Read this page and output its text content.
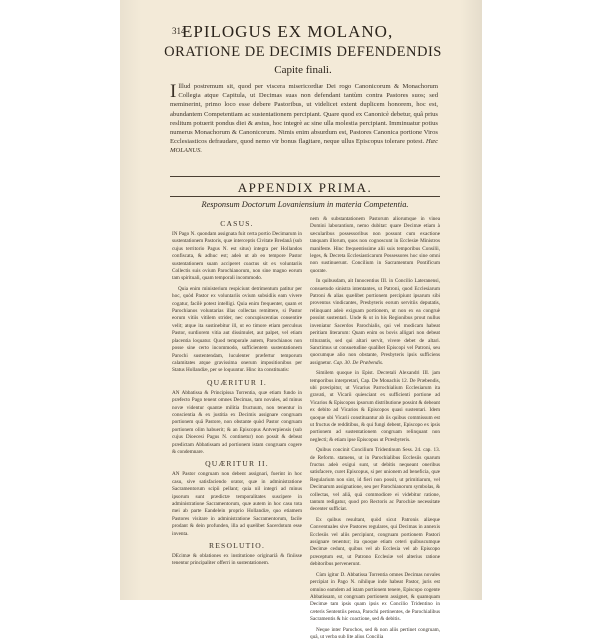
314
EPILOGUS EX MOLANO,
ORATIONE DE DECIMIS DEFENDENDIS
Capite finali.

Illlud postremum sit, quod per viscera misericordiæ Dei rogo Canonicorum & Monachorum Collegia atque Capitula, ut Decimas suas non defendant tantùm contra Pastores suos; sed meminerint, primo loco esse debere Pastoribus, ut videlicet extent duplicem honorem, hoc est, abundantem Competentiam ac sustentationem percipiant. Quare quod ex Canonicè debetur, quâ prius reslitum potuerit pondus diei & æstus, hoc integrè ac sine ulla molestia percipiant. Imminuatur potius numerus Monachorum & Canonicorum. Nimis enim absurdum est, Pastores Canonica portione Viros Ecclesiasticos defraudare, quod nemo vir bonus flagitare, neque ullus Episcopus tolerare potest. Hæc MOLANUS.

APPENDIX PRIMA.
Responsum Doctorum Lovaniensium in materia Competentia.
CASUS.

IN Pago N. quondam assignata fuit certa portio Decimarum in sustentationem Pastoris, quæ interceptis Civitate Bredanâ (sub cujus territorio Pagus N. est situs) integra per Hollandos confiscata, & adhuc est; adeò ut ab eo tempore Pastor sustentationem suam acciperet coactus sit ex voluntariis Collectis suis ovium Parochianorum, non sine magno eorum tam spirituali, quam temporali incommodo.

Quia enim ministerium respiciunt detrimentum patitur per hoc, quòd Pastor ex voluntariis ovium subsidiis eam vivere cogatur, facilè potest intelligi. Quia enim frequenter, quam et Parochianos voluntarias illas collectas remittere, si Pastor eorum vitiis vitilem strider, nec concupiscentias consentire velit; atque ita sustinebitur ill, ut eo timore etiam perculsus Pastor, surdiorem vitia aut dissimulet, aut palpet, vel etiam placentia loquatur. Quod temporale autem, Parochianos non posse sine certo incommodo, sufficientem sustentationem Parochi sustentendam, luculenter præfertur temporum calamitates atque gravissima onerum impositionibus per Status Hollandiæ, per se loquuntur. Hinc ita constituatis:

QUÆRITUR I.

AN Abbatissa & Principissa Torrentia, quæ etiam fundo in præfecto Pago tenent omnes Decimas, tam novales, ad minus novæ videntur quantæ militia fructuum, non tenentur in conscientia & ex justitia ex Decimis assignare congruam portionem quā Pastore, non obstante quòd Pastor congruam portionem olim habuerit; & an Episcopus Antverpiensis (sub cujus Dioecesi Pagus N. continetur) non possit & debeat prædictam Abbatissam ad portionem istam congruam cogere & condemnare.

QUÆRITUR II.

AN Pastor congruam non debent assignari, fuerint in hoc casu, sive satisfaciendo orator, quæ in administratione Sacramentorum scipii pellant; quia nil integri ad minus ipsorum sunt prædictæ temporalitates suscipere in administratione Sacramentorum, quæ autem in hoc casu tota mei ab parte Eandelein proprio Hollandiæ, quo etiamem Pastores visitare in administratione Sacramentorum, facile prodant & dein profunden, illa ad quælibet Sacerdotum esse inventa.

RESOLUTIO.

DEcimæ & oblationes ex institutione originariâ & finiisse tenentur principaliter offerri in sustentationem.

nem & substantationem Pastorum aliorumque in vinea Domini laborantium, nemo dubitat: quare Decimæ etiam à sæcularibus possessoribus non possunt cum exactione tanquam illorum, quos non cognoscunt in Ecclesiæ Ministros manifeste. Hinc frequentissime alii suis temporibus Consilii, leges, & Decreta Ecclesiasticarum Possessores hoc sine omni non sustinuerunt. Concilium in Sacramentum Pontificum quorate.

In quibusdam, ait Innocentius III. in Concilio Lateranensi, consuetudo sinistra intentantes, ut Patroni, quod Ecclesiarum Patroni & alias quælibet portionem percipiunt ipsarum sibi proventus vindicantes, Presbyteris eorum servitiis deputatis, relinquant adeò exiguam portionem, ut non ex ea congruè possint sustentari. Unde & ut in his Regionibus prout nullus inveniatur Sacerdos Parochialis, qui vel modicam habeat peritiam literarum: Quam enim os bovis alligari non debeat triturantis, sed qui altari servit, vivere debet de altari. Sanctimus ut consuetudine qualibet Episcopi vel Patroni, seu quocumque alio non obstante, Presbyteris ipsis sufficiens assignetur. Cap. 30. De Præbendis.

Similem quoque in Epist. Decretali Alexandri III. jam temporibus interpretari, Cap. De Monachis 12. De Præbendis, ubi præcipitur, ut Vicarius Parrochialium Ecclesiarum ita gravati, ut Vicarii quiesciant ex sufficienti portione ad Vicarios & Episcopos ipsorum distributione possint & debeant ex debito ad Vicarios & Episcopos quasi sustentari. Idem quoque ubi Vicarii constituantur ab iis quibus commissum est ut fructus de redditibus, & qui fungi debent, Episcopo ex ipsis portionem ad sustentationem congruam relinquant non neglecti; & etiam ipse Episcopus ut Præsbyteris.

Quibus concinit Concilium Tridentinum Sess. 24. cap. 13. de Reform. statuens, ut in Parochialibus Ecclesiis quarum fructus adeò exigui sunt, ut debitis nequeant oneribus satisfacere, curet Episcopus, si per unionem ad beneficia, quæ Regularium non sint, id fieri non possit, ut primitiarum, vel Decimarum assignatione, seu per Parochianorum symbolas, & collectas, vel aliâ, quâ commodiore ei videbitur ratione, tantum redigatur, quod pro Rectoris ac Parochiæ necessitate decenter sufficiat.

Ex quibus resultant, quòd sicut Patronis aliæque Conventuales sive Pastores regulares, qui Decimas in annexis Ecclesiis vel aliis percipiunt, congruam portionem Pastori assignare tenentur; ita quoque etiam ceteri quibuscumque Decimæ cedunt, quibus vel ab Ecclesia vel ab Episcopo præceptum est, ut Patrono Ecclesiæ vel alterius ratione debitoribus pervenerunt.

Cùm igitur D. Abbatissa Torrentia omnes Decimas novales percipiat in Pago N. nihilque inde habeat Pastor, juris est omnino eamdem ad istam portionem tenere, Episcopo cogente Abbatissam, ut congruam portionem assignet, & quamquam Decimæ tam ipsis quam ipsis ex Concilio Tridentino in cæteris Sententiis pensa, Parochi pertinentes, de Parochialibus Sacramentis & hic coactione, sed & debitis.

Neque inter Parochos, sed & non aliis pertinet congruam, quâ, ut verba sub lite alius Concilia
